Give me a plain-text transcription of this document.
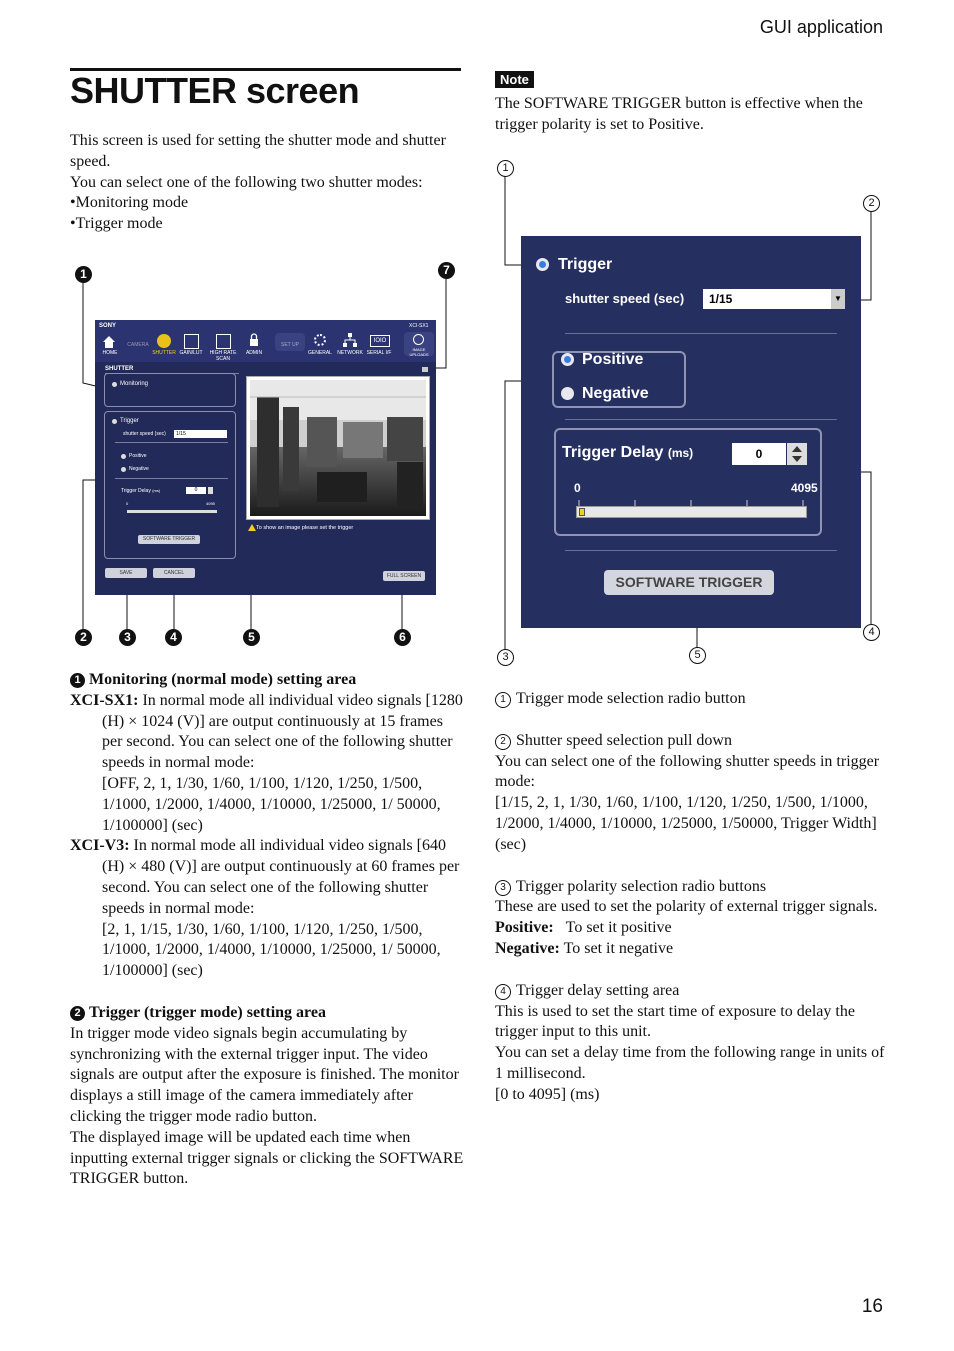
GUI application
SHUTTER screen
This screen is used for setting the shutter mode and shutter speed.
You can select one of the following two shutter modes:
•Monitoring mode
•Trigger mode
1	7
2	3	4	5	6
SONY	XCI-SX1
HOME
CAMERA
SHUTTER GAIN/LUT	HIGH RATE SCAN
ADMIN
SET UP
GENERAL NETWORK
IOIO
SERIAL I/F
IMAGE UPLOADS
SHUTTER
Monitoring
Trigger
shutter speed (sec)	1/15
Positive
Negative
Trigger Delay (ms)	0
0	4095
SOFTWARE TRIGGER
To show an image please set the trigger
SAVE	CANCEL	FULL SCREEN
1 Monitoring (normal mode) setting area
XCI-SX1: In normal mode all individual video signals [1280 (H) × 1024 (V)] are output continuously at 15 frames per second. You can select one of the following shutter speeds in normal mode:
[OFF, 2, 1, 1/30, 1/60, 1/100, 1/120, 1/250, 1/500, 1/1000, 1/2000, 1/4000, 1/10000, 1/25000, 1/ 50000, 1/100000] (sec)
XCI-V3: In normal mode all individual video signals [640 (H) × 480 (V)] are output continuously at 60 frames per second. You can select one of the following shutter speeds in normal mode:
[2, 1, 1/15, 1/30, 1/60, 1/100, 1/120, 1/250, 1/500, 1/1000, 1/2000, 1/4000, 1/10000, 1/25000, 1/ 50000, 1/100000] (sec)
2 Trigger (trigger mode) setting area
In trigger mode video signals begin accumulating by synchronizing with the external trigger input. The video signals are output after the exposure is finished. The monitor displays a still image of the camera immediately after clicking the trigger mode radio button.
The displayed image will be updated each time when inputting external trigger signals or clicking the SOFTWARE TRIGGER button.
Note
The SOFTWARE TRIGGER button is effective when the trigger polarity is set to Positive.
1
2
3
4
5
Trigger
shutter speed (sec)	1/15	▼
Positive
Negative
Trigger Delay (ms)	0
0	4095
SOFTWARE TRIGGER
1 Trigger mode selection radio button
2 Shutter speed selection pull down
You can select one of the following shutter speeds in trigger mode:
[1/15, 2, 1, 1/30, 1/60, 1/100, 1/120, 1/250, 1/500, 1/1000, 1/2000, 1/4000, 1/10000, 1/25000, 1/50000, Trigger Width] (sec)
3 Trigger polarity selection radio buttons
These are used to set the polarity of external trigger signals.
Positive: To set it positive
Negative: To set it negative
4 Trigger delay setting area
This is used to set the start time of exposure to delay the trigger input to this unit.
You can set a delay time from the following range in units of 1 millisecond.
[0 to 4095] (ms)
16
